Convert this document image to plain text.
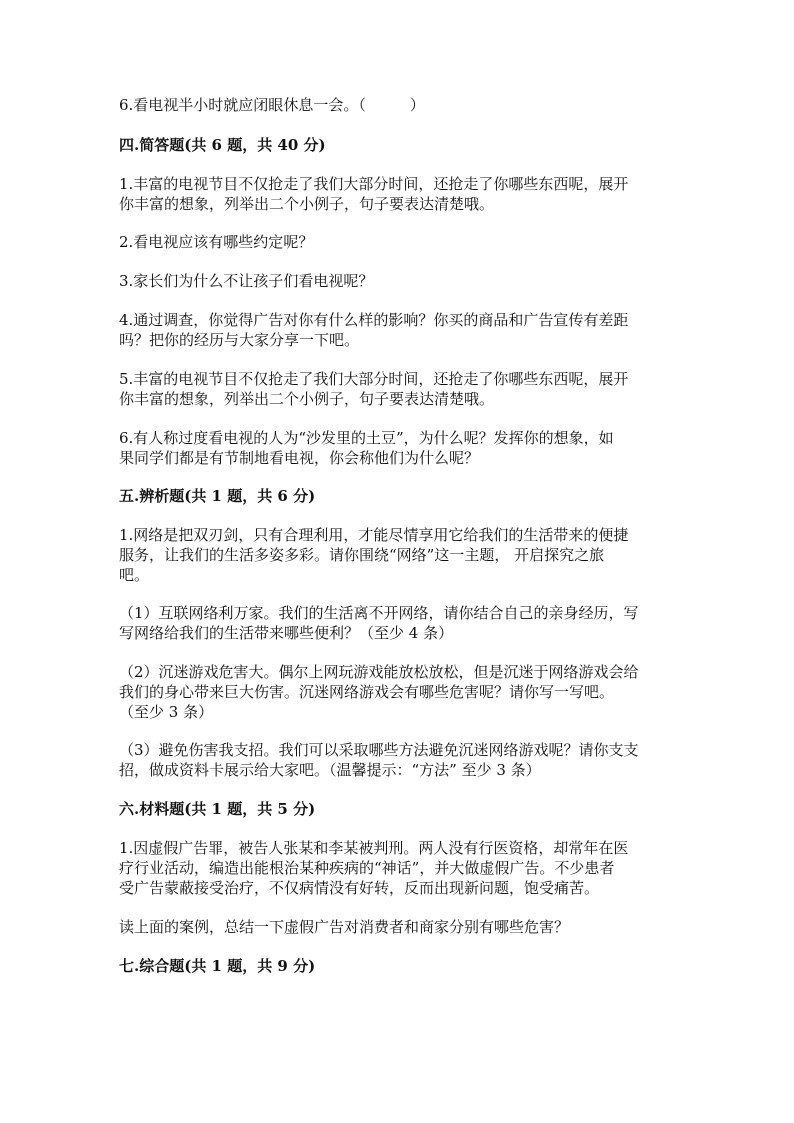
6.看电视半小时就应闭眼休息一会。（	）

四.简答题(共 6 题，共 40 分)

1.丰富的电视节目不仅抢走了我们大部分时间，还抢走了你哪些东西呢，展开
你丰富的想象，列举出二个小例子，句子要表达清楚哦。

2.看电视应该有哪些约定呢？

3.家长们为什么不让孩子们看电视呢？

4.通过调查，你觉得广告对你有什么样的影响？你买的商品和广告宣传有差距
吗？把你的经历与大家分享一下吧。
5.丰富的电视节目不仅抢走了我们大部分时间，还抢走了你哪些东西呢，展开
你丰富的想象，列举出二个小例子，句子要表达清楚哦。
6.有人称过度看电视的人为“沙发里的土豆”，为什么呢？发挥你的想象，如
果同学们都是有节制地看电视，你会称他们为什么呢？

五.辨析题(共 1 题，共 6 分)

1.网络是把双刃剑，只有合理利用，才能尽情享用它给我们的生活带来的便捷
服务，让我们的生活多姿多彩。请你围绕“网络”这一主题， 开启探究之旅
吧。
（1）互联网络利万家。我们的生活离不开网络，请你结合自己的亲身经历，写
写网络给我们的生活带来哪些便利？（至少 4 条）
（2）沉迷游戏危害大。偶尔上网玩游戏能放松放松，但是沉迷于网络游戏会给
我们的身心带来巨大伤害。沉迷网络游戏会有哪些危害呢？请你写一写吧。
（至少 3 条）
（3）避免伤害我支招。我们可以采取哪些方法避免沉迷网络游戏呢？请你支支
招，做成资料卡展示给大家吧。（温馨提示：“方法” 至少 3 条）

六.材料题(共 1 题，共 5 分)

1.因虚假广告罪，被告人张某和李某被判刑。两人没有行医资格，却常年在医
疗行业活动，编造出能根治某种疾病的“神话”，并大做虚假广告。不少患者
受广告蒙蔽接受治疗，不仅病情没有好转，反而出现新问题，饱受痛苦。

读上面的案例，总结一下虚假广告对消费者和商家分别有哪些危害？

七.综合题(共 1 题，共 9 分)
